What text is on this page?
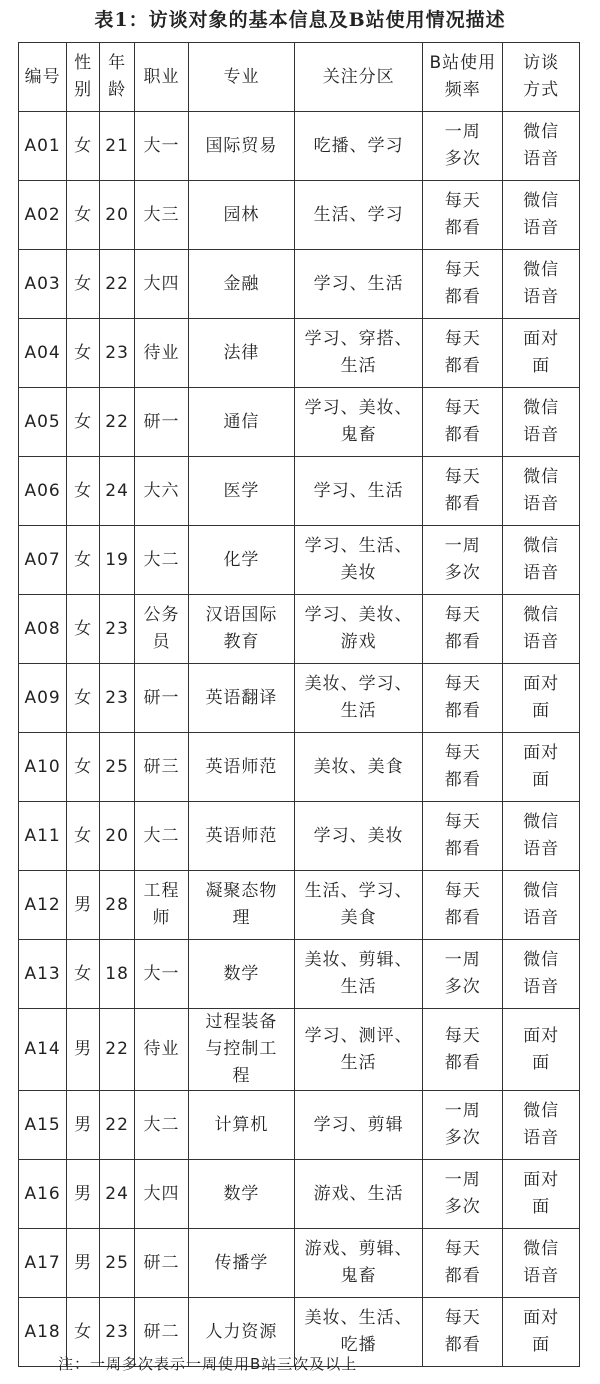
表1：访谈对象的基本信息及B站使用情况描述
编号	性别	年龄	职业	专业	关注分区	B站使用频率	访谈方式

A01	女	21	大一	国际贸易	吃播、学习	一周多次	微信语音

A02	女	20	大三	园林	生活、学习	每天都看	微信语音

A03	女	22	大四	金融	学习、生活	每天都看	微信语音

A04	女	23	待业	法律	学习、穿搭、生活	每天都看	面对面

A05	女	22	研一	通信	学习、美妆、鬼畜	每天都看	微信语音

A06	女	24	大六	医学	学习、生活	每天都看	微信语音

A07	女	19	大二	化学	学习、生活、美妆	一周多次	微信语音

A08	女	23	公务员	汉语国际教育	学习、美妆、游戏	每天都看	微信语音

A09	女	23	研一	英语翻译	美妆、学习、生活	每天都看	面对面

A10	女	25	研三	英语师范	美妆、美食	每天都看	面对面

A11	女	20	大二	英语师范	学习、美妆	每天都看	微信语音

A12	男	28	工程师	凝聚态物理	生活、学习、美食	每天都看	微信语音

A13	女	18	大一	数学	美妆、剪辑、生活	一周多次	微信语音

A14	男	22	待业	过程装备与控制工程	学习、测评、生活	每天都看	面对面

A15	男	22	大二	计算机	学习、剪辑	一周多次	微信语音

A16	男	24	大四	数学	游戏、生活	一周多次	面对面

A17	男	25	研二	传播学	游戏、剪辑、鬼畜	每天都看	微信语音

A18	女	23	研二	人力资源	美妆、生活、吃播	每天都看	面对面
注：一周多次表示一周使用B站三次及以上
